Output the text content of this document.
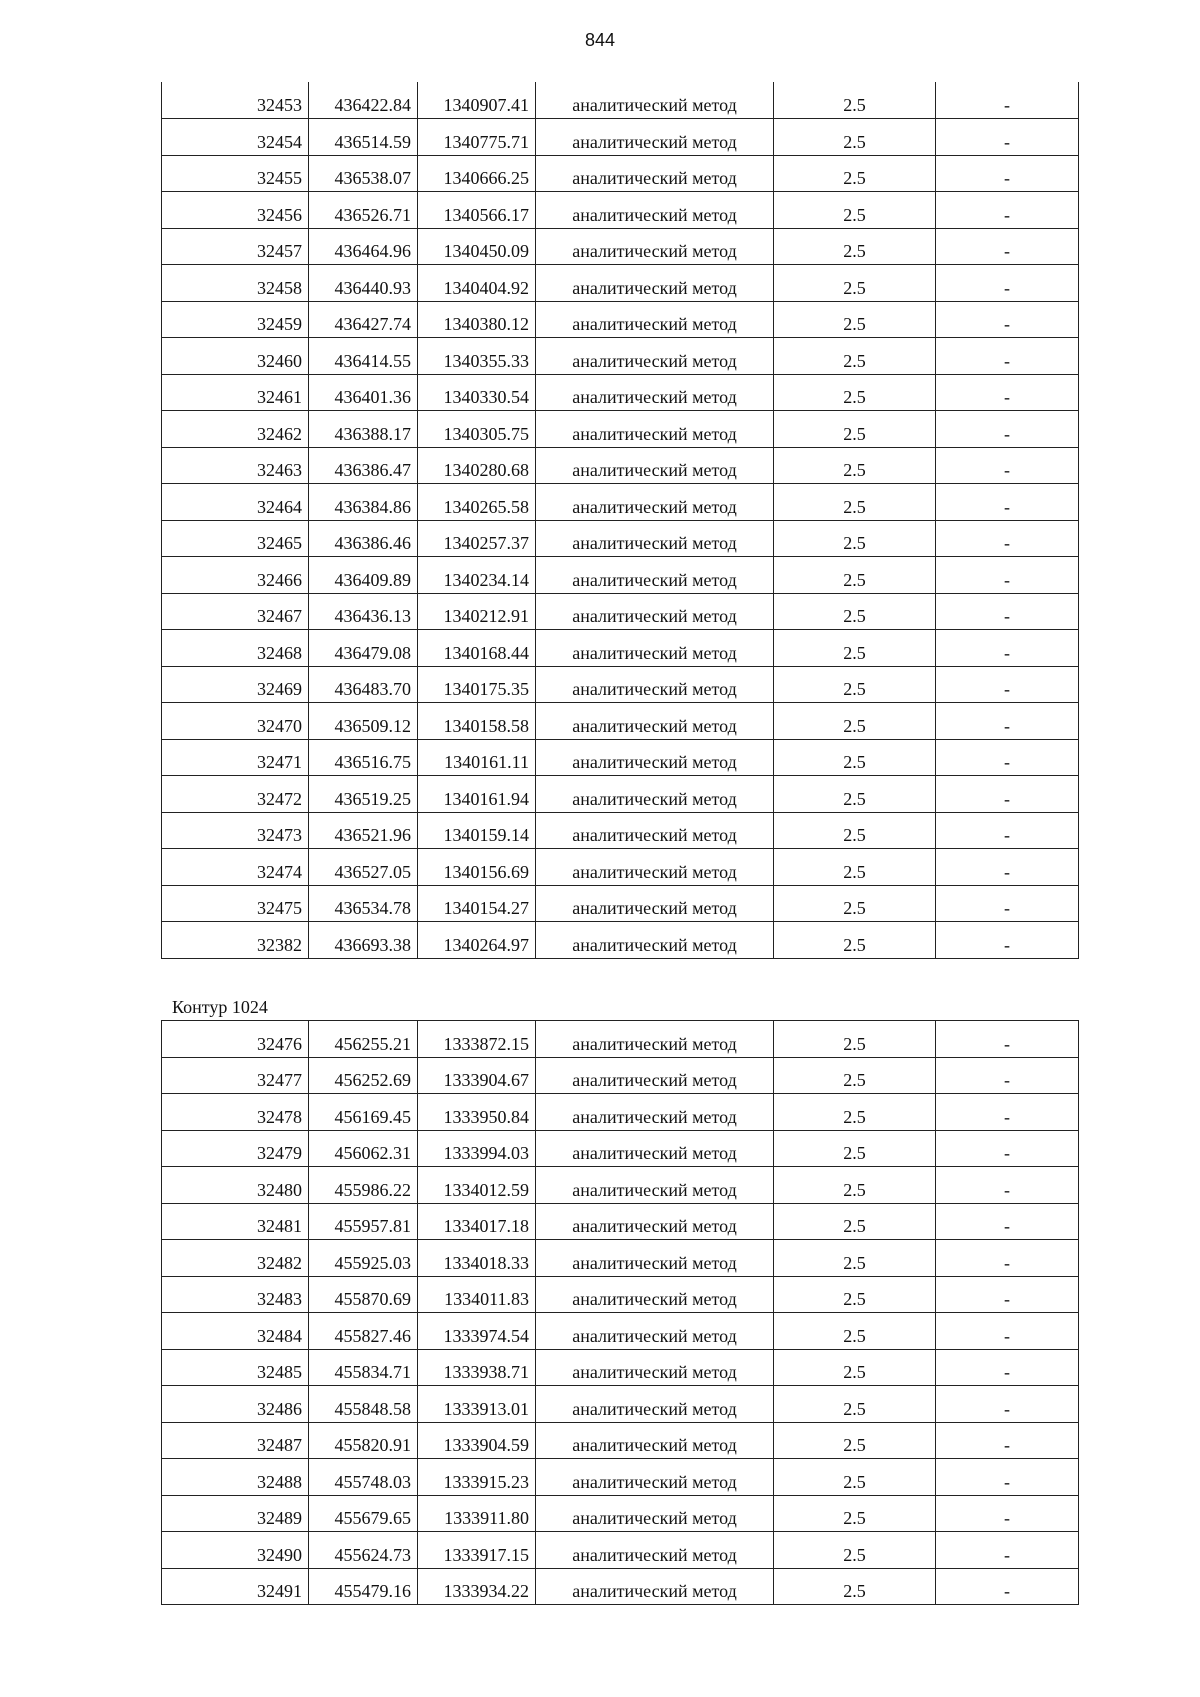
844
32453	436422.84	1340907.41	аналитический метод	2.5	-
32454	436514.59	1340775.71	аналитический метод	2.5	-
32455	436538.07	1340666.25	аналитический метод	2.5	-
32456	436526.71	1340566.17	аналитический метод	2.5	-
32457	436464.96	1340450.09	аналитический метод	2.5	-
32458	436440.93	1340404.92	аналитический метод	2.5	-
32459	436427.74	1340380.12	аналитический метод	2.5	-
32460	436414.55	1340355.33	аналитический метод	2.5	-
32461	436401.36	1340330.54	аналитический метод	2.5	-
32462	436388.17	1340305.75	аналитический метод	2.5	-
32463	436386.47	1340280.68	аналитический метод	2.5	-
32464	436384.86	1340265.58	аналитический метод	2.5	-
32465	436386.46	1340257.37	аналитический метод	2.5	-
32466	436409.89	1340234.14	аналитический метод	2.5	-
32467	436436.13	1340212.91	аналитический метод	2.5	-
32468	436479.08	1340168.44	аналитический метод	2.5	-
32469	436483.70	1340175.35	аналитический метод	2.5	-
32470	436509.12	1340158.58	аналитический метод	2.5	-
32471	436516.75	1340161.11	аналитический метод	2.5	-
32472	436519.25	1340161.94	аналитический метод	2.5	-
32473	436521.96	1340159.14	аналитический метод	2.5	-
32474	436527.05	1340156.69	аналитический метод	2.5	-
32475	436534.78	1340154.27	аналитический метод	2.5	-
32382	436693.38	1340264.97	аналитический метод	2.5	-
Контур 1024
32476	456255.21	1333872.15	аналитический метод	2.5	-
32477	456252.69	1333904.67	аналитический метод	2.5	-
32478	456169.45	1333950.84	аналитический метод	2.5	-
32479	456062.31	1333994.03	аналитический метод	2.5	-
32480	455986.22	1334012.59	аналитический метод	2.5	-
32481	455957.81	1334017.18	аналитический метод	2.5	-
32482	455925.03	1334018.33	аналитический метод	2.5	-
32483	455870.69	1334011.83	аналитический метод	2.5	-
32484	455827.46	1333974.54	аналитический метод	2.5	-
32485	455834.71	1333938.71	аналитический метод	2.5	-
32486	455848.58	1333913.01	аналитический метод	2.5	-
32487	455820.91	1333904.59	аналитический метод	2.5	-
32488	455748.03	1333915.23	аналитический метод	2.5	-
32489	455679.65	1333911.80	аналитический метод	2.5	-
32490	455624.73	1333917.15	аналитический метод	2.5	-
32491	455479.16	1333934.22	аналитический метод	2.5	-
